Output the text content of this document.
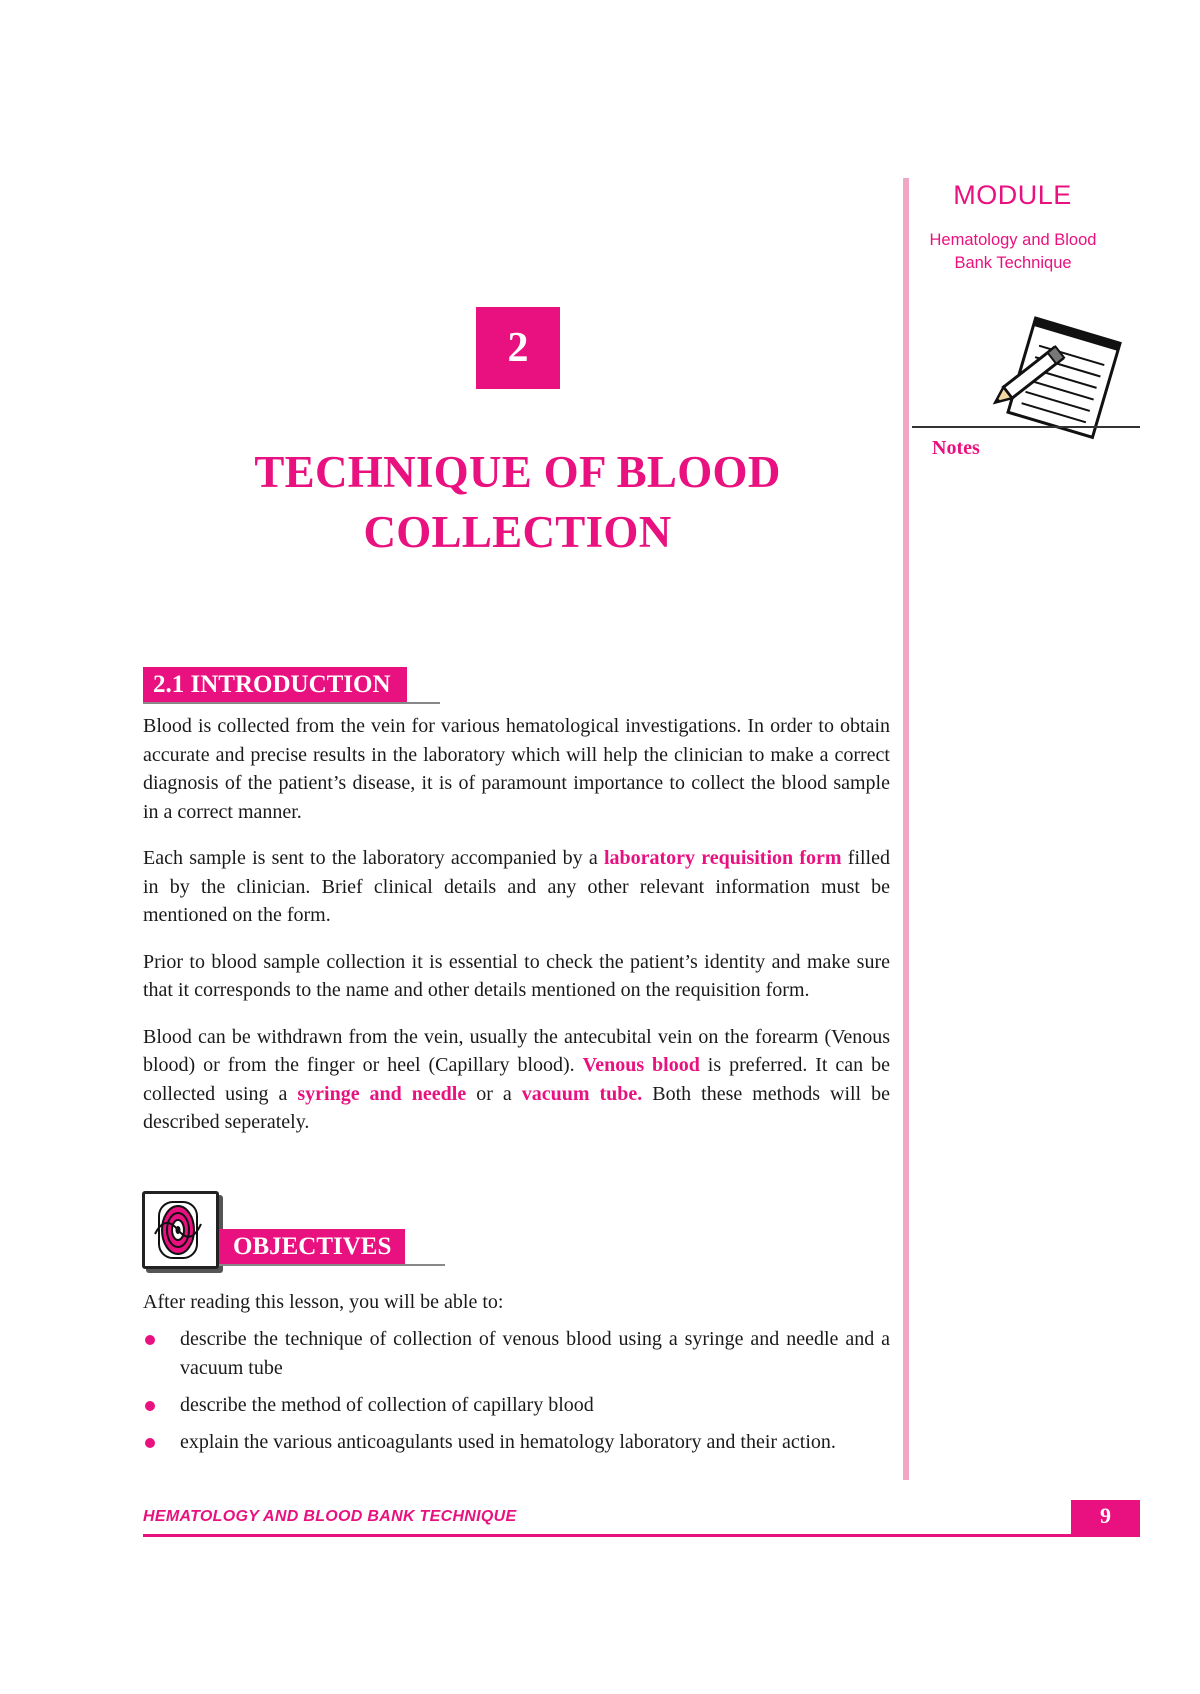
MODULE
Hematology and Blood
Bank Technique
Notes
2
TECHNIQUE OF BLOOD
COLLECTION
2.1 INTRODUCTION

Blood is collected from the vein for various hematological investigations. In order to obtain accurate and precise results in the laboratory which will help the clinician to make a correct diagnosis of the patient’s disease, it is of paramount importance to collect the blood sample in a correct manner.

Each sample is sent to the laboratory accompanied by a laboratory requisition form filled in by the clinician. Brief clinical details and any other relevant information must be mentioned on the form.

Prior to blood sample collection it is essential to check the patient’s identity and make sure that it corresponds to the name and other details mentioned on the requisition form.

Blood can be withdrawn from the vein, usually the antecubital vein on the forearm (Venous blood) or from the finger or heel (Capillary blood). Venous blood is preferred. It can be collected using a syringe and needle or a vacuum tube. Both these methods will be described seperately.

OBJECTIVES
After reading this lesson, you will be able to:
describe the technique of collection of venous blood using a syringe and needle and a vacuum tube
describe the method of collection of capillary blood
explain the various anticoagulants used in hematology laboratory and their action.
HEMATOLOGY AND BLOOD BANK TECHNIQUE	9
